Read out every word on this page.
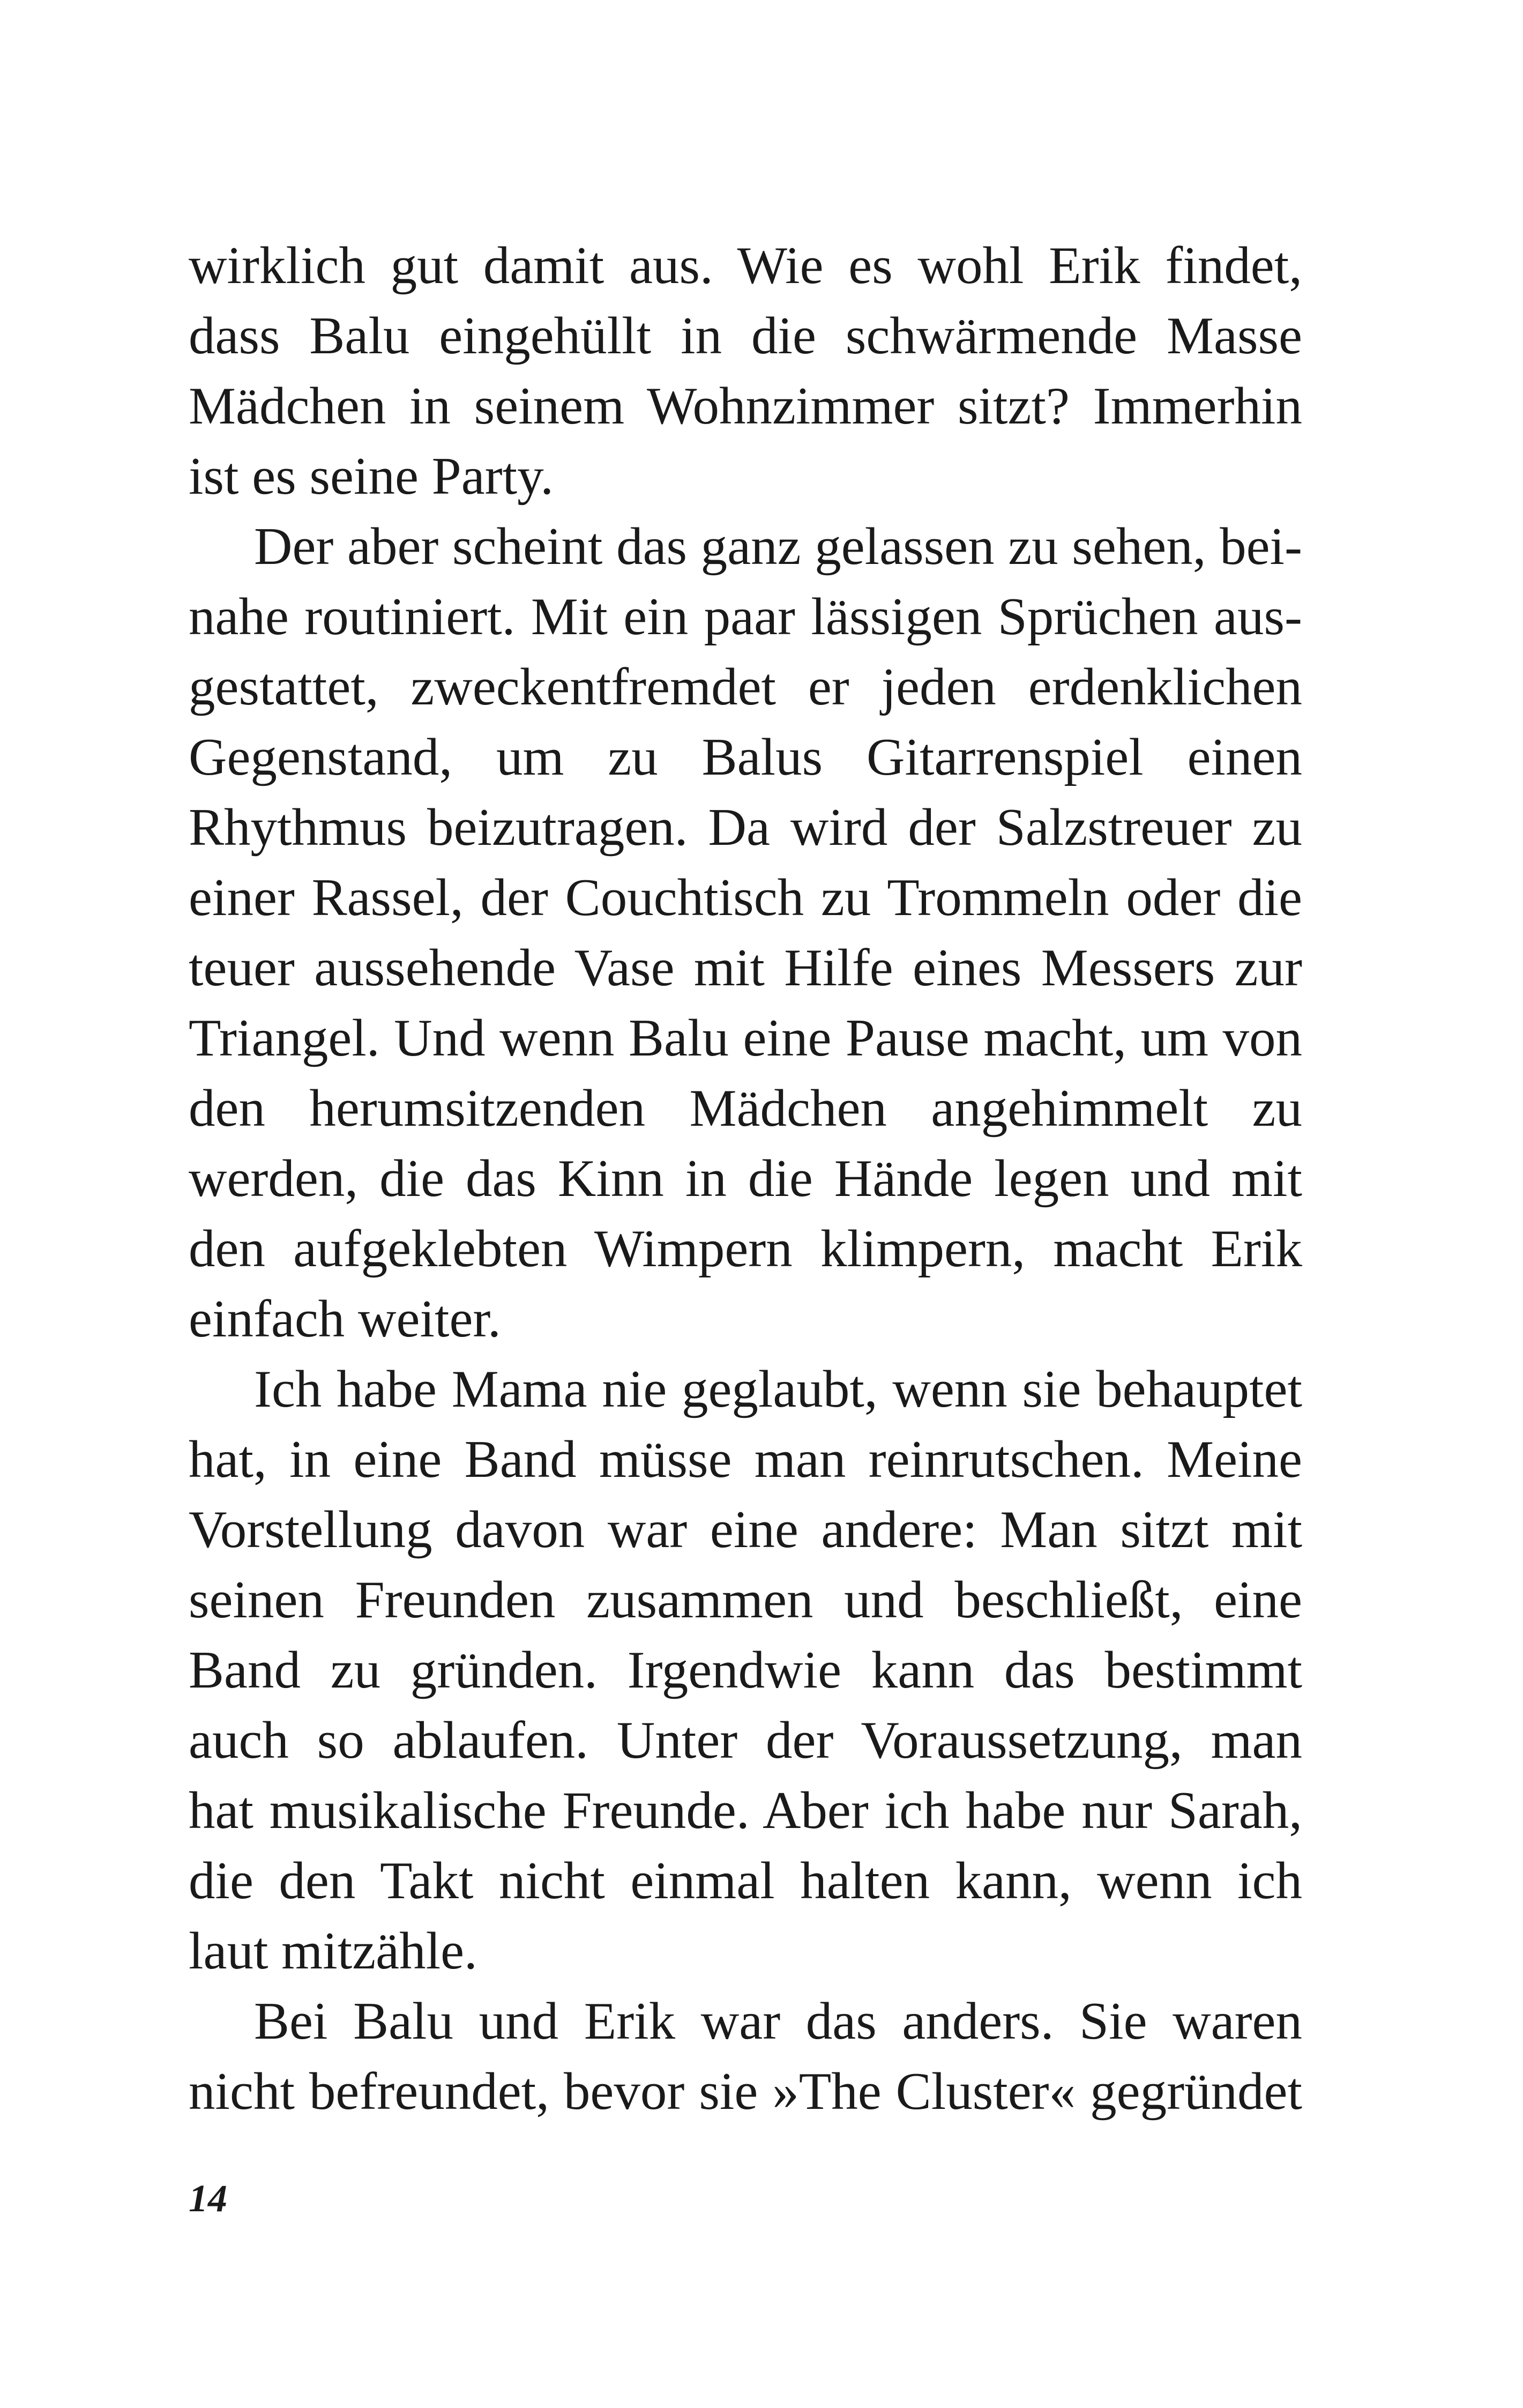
wirklich gut damit aus. Wie es wohl Erik findet,
dass Balu eingehüllt in die schwärmende Masse
Mädchen in seinem Wohnzimmer sitzt? Immerhin
ist es seine Party.
Der aber scheint das ganz gelassen zu sehen, bei-
nahe routiniert. Mit ein paar lässigen Sprüchen aus-
gestattet, zweckentfremdet er jeden erdenklichen
Gegenstand, um zu Balus Gitarrenspiel einen
Rhythmus beizutragen. Da wird der Salzstreuer zu
einer Rassel, der Couchtisch zu Trommeln oder die
teuer aussehende Vase mit Hilfe eines Messers zur
Triangel. Und wenn Balu eine Pause macht, um von
den herumsitzenden Mädchen angehimmelt zu
werden, die das Kinn in die Hände legen und mit
den aufgeklebten Wimpern klimpern, macht Erik
einfach weiter.
Ich habe Mama nie geglaubt, wenn sie behauptet
hat, in eine Band müsse man reinrutschen. Meine
Vorstellung davon war eine andere: Man sitzt mit
seinen Freunden zusammen und beschließt, eine
Band zu gründen. Irgendwie kann das bestimmt
auch so ablaufen. Unter der Voraussetzung, man
hat musikalische Freunde. Aber ich habe nur Sarah,
die den Takt nicht einmal halten kann, wenn ich
laut mitzähle.
Bei Balu und Erik war das anders. Sie waren
nicht befreundet, bevor sie »The Cluster« gegründet
14
